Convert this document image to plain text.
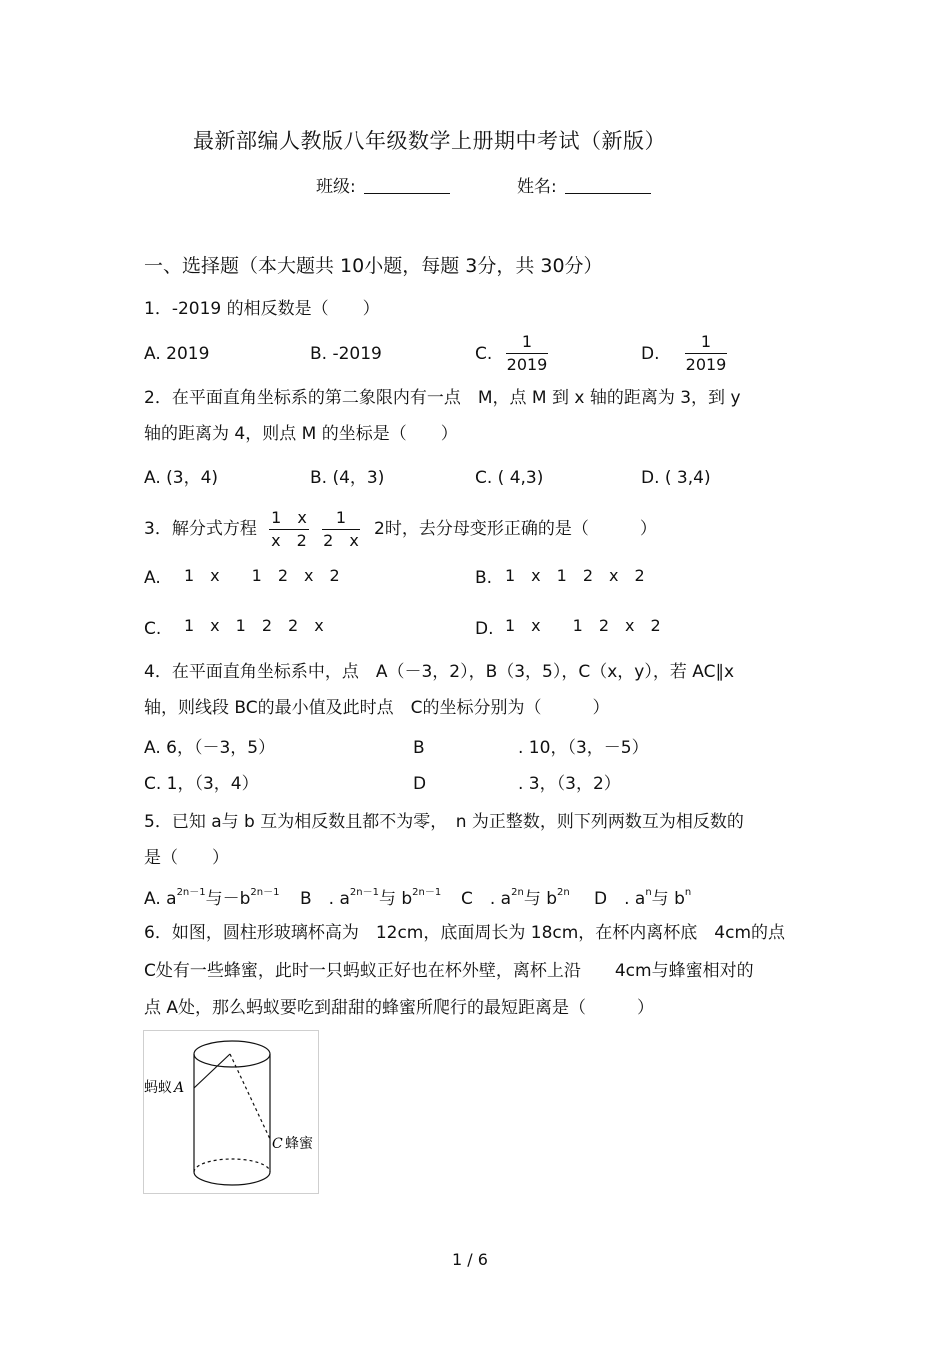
最新部编人教版八年级数学上册期中考试（新版）
班级:	姓名:
一、选择题（本大题共 10小题，每题 3分，共 30分）
1．-2019 的相反数是（　　）
A. 2019	B. -2019	C.
1
2019
D.
1
2019
2．在平面直角坐标系的第二象限内有一点　M，点 M 到 x 轴的距离为 3，到 y
轴的距离为 4，则点 M 的坐标是（　　）
A. (3，4)	B. (4，3)	C. ( 4,3)	D. ( 3,4)
3．解分式方程
1　x
x　2
1
2　x
2时，去分母变形正确的是（　　　）
A. 1　x　　1　2　x　2	B. 1　x　1　2　x　2
C. 1　x　1　2　2　x	D. 1　x　　1　2　x　2
4．在平面直角坐标系中，点　A（－3，2），B（3，5），C（x，y），若 AC∥x
轴，则线段 BC的最小值及此时点　C的坐标分别为（　　　）
A. 6，（－3，5）	B	. 10，（3，－5）
C. 1，（3，4）	D	. 3，（3，2）
5．已知 a与 b 互为相反数且都不为零，　n 为正整数，则下列两数互为相反数的
是（　　）
A. $a^{2n-1}$与$-b^{2n-1}$ B　. $a^{2n-1}$与 $b^{2n-1}$ C　. $a^{2n}$与 $b^{2n}$ D　. $a^n$与 $b^n$
6．如图，圆柱形玻璃杯高为　12cm，底面周长为 18cm，在杯内离杯底　4cm的点
C处有一些蜂蜜，此时一只蚂蚁正好也在杯外壁，离杯上沿　　4cm与蜂蜜相对的
点 A处，那么蚂蚁要吃到甜甜的蜂蜜所爬行的最短距离是（　　　）
蚂蚁 A
C 蜂蜜
1 / 6
